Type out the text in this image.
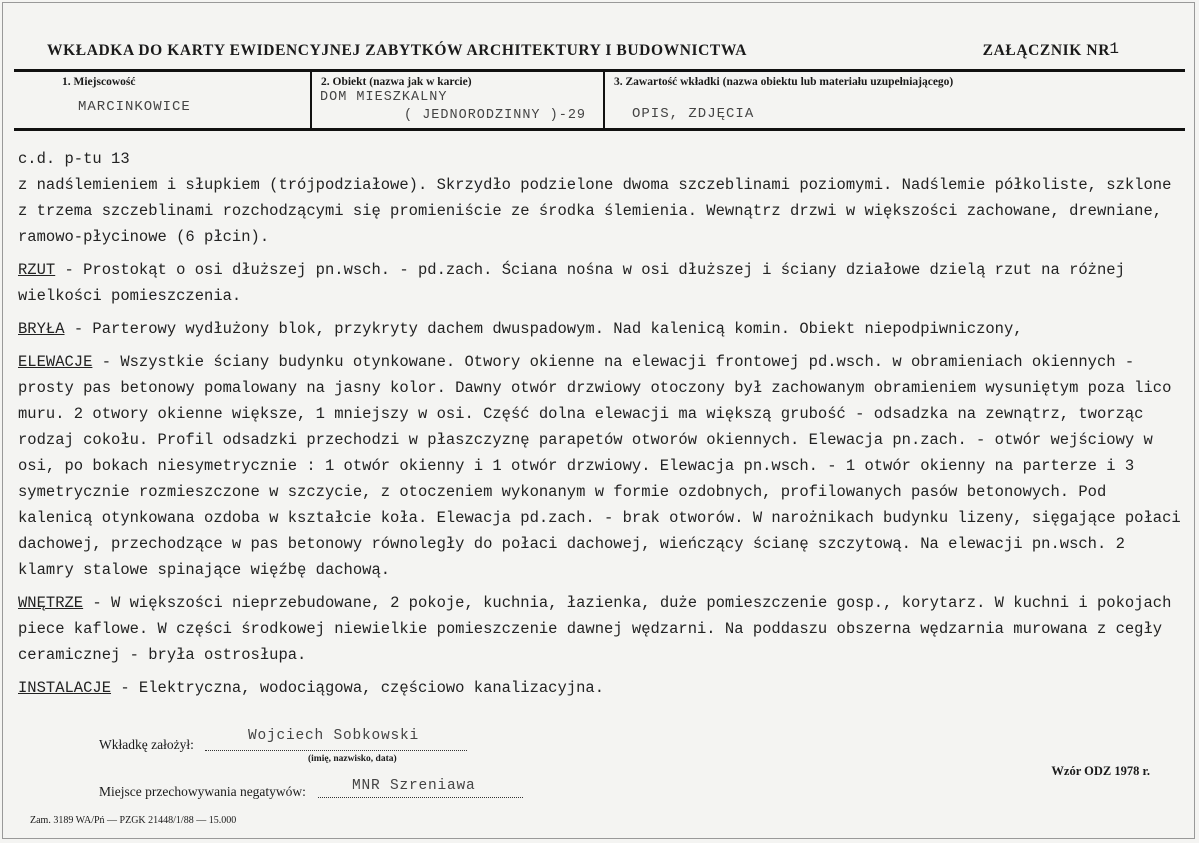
WKŁADKA DO KARTY EWIDENCYJNEJ ZABYTKÓW ARCHITEKTURY I BUDOWNICTWA	ZAŁĄCZNIK NR 1
1. Miejscowość
MARCINKOWICE
2. Obiekt (nazwa jak w karcie)
DOM MIESZKALNY
( JEDNORODZINNY )-29
3. Zawartość wkładki (nazwa obiektu lub materiału uzupełniającego)
OPIS, ZDJĘCIA

c.d. p-tu 13

z nadślemieniem i słupkiem (trójpodziałowe). Skrzydło podzielone dwoma szczeblinami poziomymi. Nadślemie półkoliste, szklone z trzema szczeblinami rozchodzącymi się promieniście ze środka ślemienia. Wewnątrz drzwi w większości zachowane, drewniane, ramowo-płycinowe (6 płcin).

RZUT - Prostokąt o osi dłuższej pn.wsch. - pd.zach. Ściana nośna w osi dłuższej i ściany działowe dzielą rzut na różnej wielkości pomieszczenia.

BRYŁA - Parterowy wydłużony blok, przykryty dachem dwuspadowym. Nad kalenicą komin. Obiekt niepodpiwniczony,

ELEWACJE - Wszystkie ściany budynku otynkowane. Otwory okienne na elewacji frontowej pd.wsch. w obramieniach okiennych - prosty pas betonowy pomalowany na jasny kolor. Dawny otwór drzwiowy otoczony był zachowanym obramieniem wysuniętym poza lico muru. 2 otwory okienne większe, 1 mniejszy w osi. Część dolna elewacji ma większą grubość - odsadzka na zewnątrz, tworząc rodzaj cokołu. Profil odsadzki przechodzi w płaszczyznę parapetów otworów okiennych. Elewacja pn.zach. - otwór wejściowy w osi, po bokach niesymetrycznie : 1 otwór okienny i 1 otwór drzwiowy. Elewacja pn.wsch. - 1 otwór okienny na parterze i 3 symetrycznie rozmieszczone w szczycie, z otoczeniem wykonanym w formie ozdobnych, profilowanych pasów betonowych. Pod kalenicą otynkowana ozdoba w kształcie koła. Elewacja pd.zach. - brak otworów. W narożnikach budynku lizeny, sięgające połaci dachowej, przechodzące w pas betonowy równoległy do połaci dachowej, wieńczący ścianę szczytową. Na elewacji pn.wsch. 2 klamry stalowe spinające więźbę dachową.

WNĘTRZE - W większości nieprzebudowane, 2 pokoje, kuchnia, łazienka, duże pomieszczenie gosp., korytarz. W kuchni i pokojach piece kaflowe. W części środkowej niewielkie pomieszczenie dawnej wędzarni. Na poddaszu obszerna wędzarnia murowana z cegły ceramicznej - bryła ostrosłupa.

INSTALACJE - Elektryczna, wodociągowa, częściowo kanalizacyjna.

Wkładkę założył:
Wojciech Sobkowski
(imię, nazwisko, data)
Miejsce przechowywania negatywów:	MNR Szreniawa
Wzór ODZ 1978 r.
Zam. 3189 WA/Pń — PZGK 21448/1/88 — 15.000
